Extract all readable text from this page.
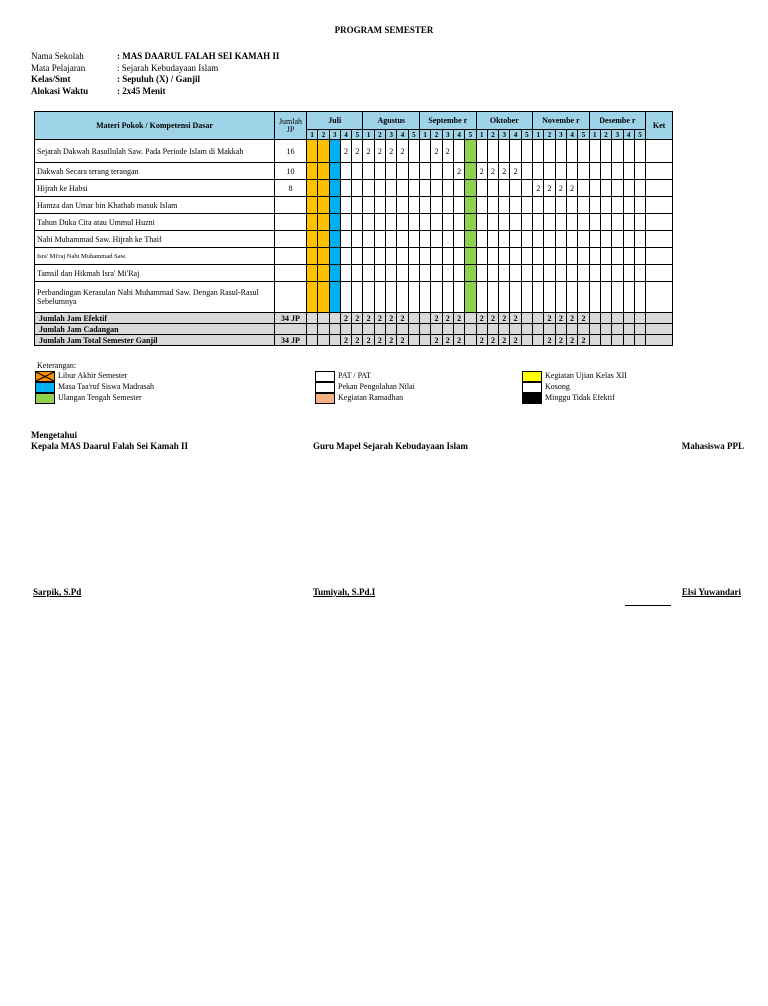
PROGRAM SEMESTER
Nama Sekolah	: MAS DAARUL FALAH SEI KAMAH II
Mata Pelajaran	: Sejarah Kebudayaan Islam
Kelas/Smt	: Sepuluh (X) / Ganjil
Alokasi Waktu	: 2x45 Menit
Materi Pokok / Kompetensi Dasar	Jumlah JP	Juli					Agustus					Septembe r					Oktober					Novembe r					Desembe r					Ket
		1	2	3	4	5	1	2	3	4	5	1	2	3	4	5	1	2	3	4	5	1	2	3	4	5	1	2	3	4	5	
Sejarah Dakwah Rasullulah Saw. Pada Periode Islam di Makkah	16				2	2	2	2	2	2			2	2																		
Dakwah Secara terang terangan	10														2		2	2	2	2												
Hijrah ke Habsi	8																					2	2	2	2							
Hamza dan Umar bin Khathab masuk Islam																																
Tahun Duka Cita atau Ummul Huzni																																
Nabi Muhammad Saw. Hijrah ke Thaif																																
Isra' Mi'raj Nabi Muhammad Saw.																																
Tamsil dan Hikmah Isra' Mi'Raj																																
Perbandingan Kerasulan Nabi Muhammad Saw. Dengan Rasul-Rasul Sebelumnya																																
Jumlah Jam Efektif	34 JP				2	2	2	2	2	2			2	2	2		2	2	2	2			2	2	2	2						
Jumlah Jam Cadangan																																
Jumlah Jam Total Semester Ganjil	34 JP				2	2	2	2	2	2			2	2	2		2	2	2	2			2	2	2	2						
Keterangan:
Libur Akhir Semester
Masa Taa'ruf Siswa Madrasah
Ulangan Tengah Semester
PAT / PAT
Pekan Pengolahan Nilai
Kegiatan Ramadhan
Kegiatan Ujian Kelas XII
Kosong
Minggu Tidak Efektif
Mengetahui
Kepala MAS Daarul Falah Sei Kamah II	Guru Mapel Sejarah Kebudayaan Islam	Mahasiswa PPL
Sarpik, S.Pd	Tumiyah, S.Pd.I	Elsi Yuwandari
